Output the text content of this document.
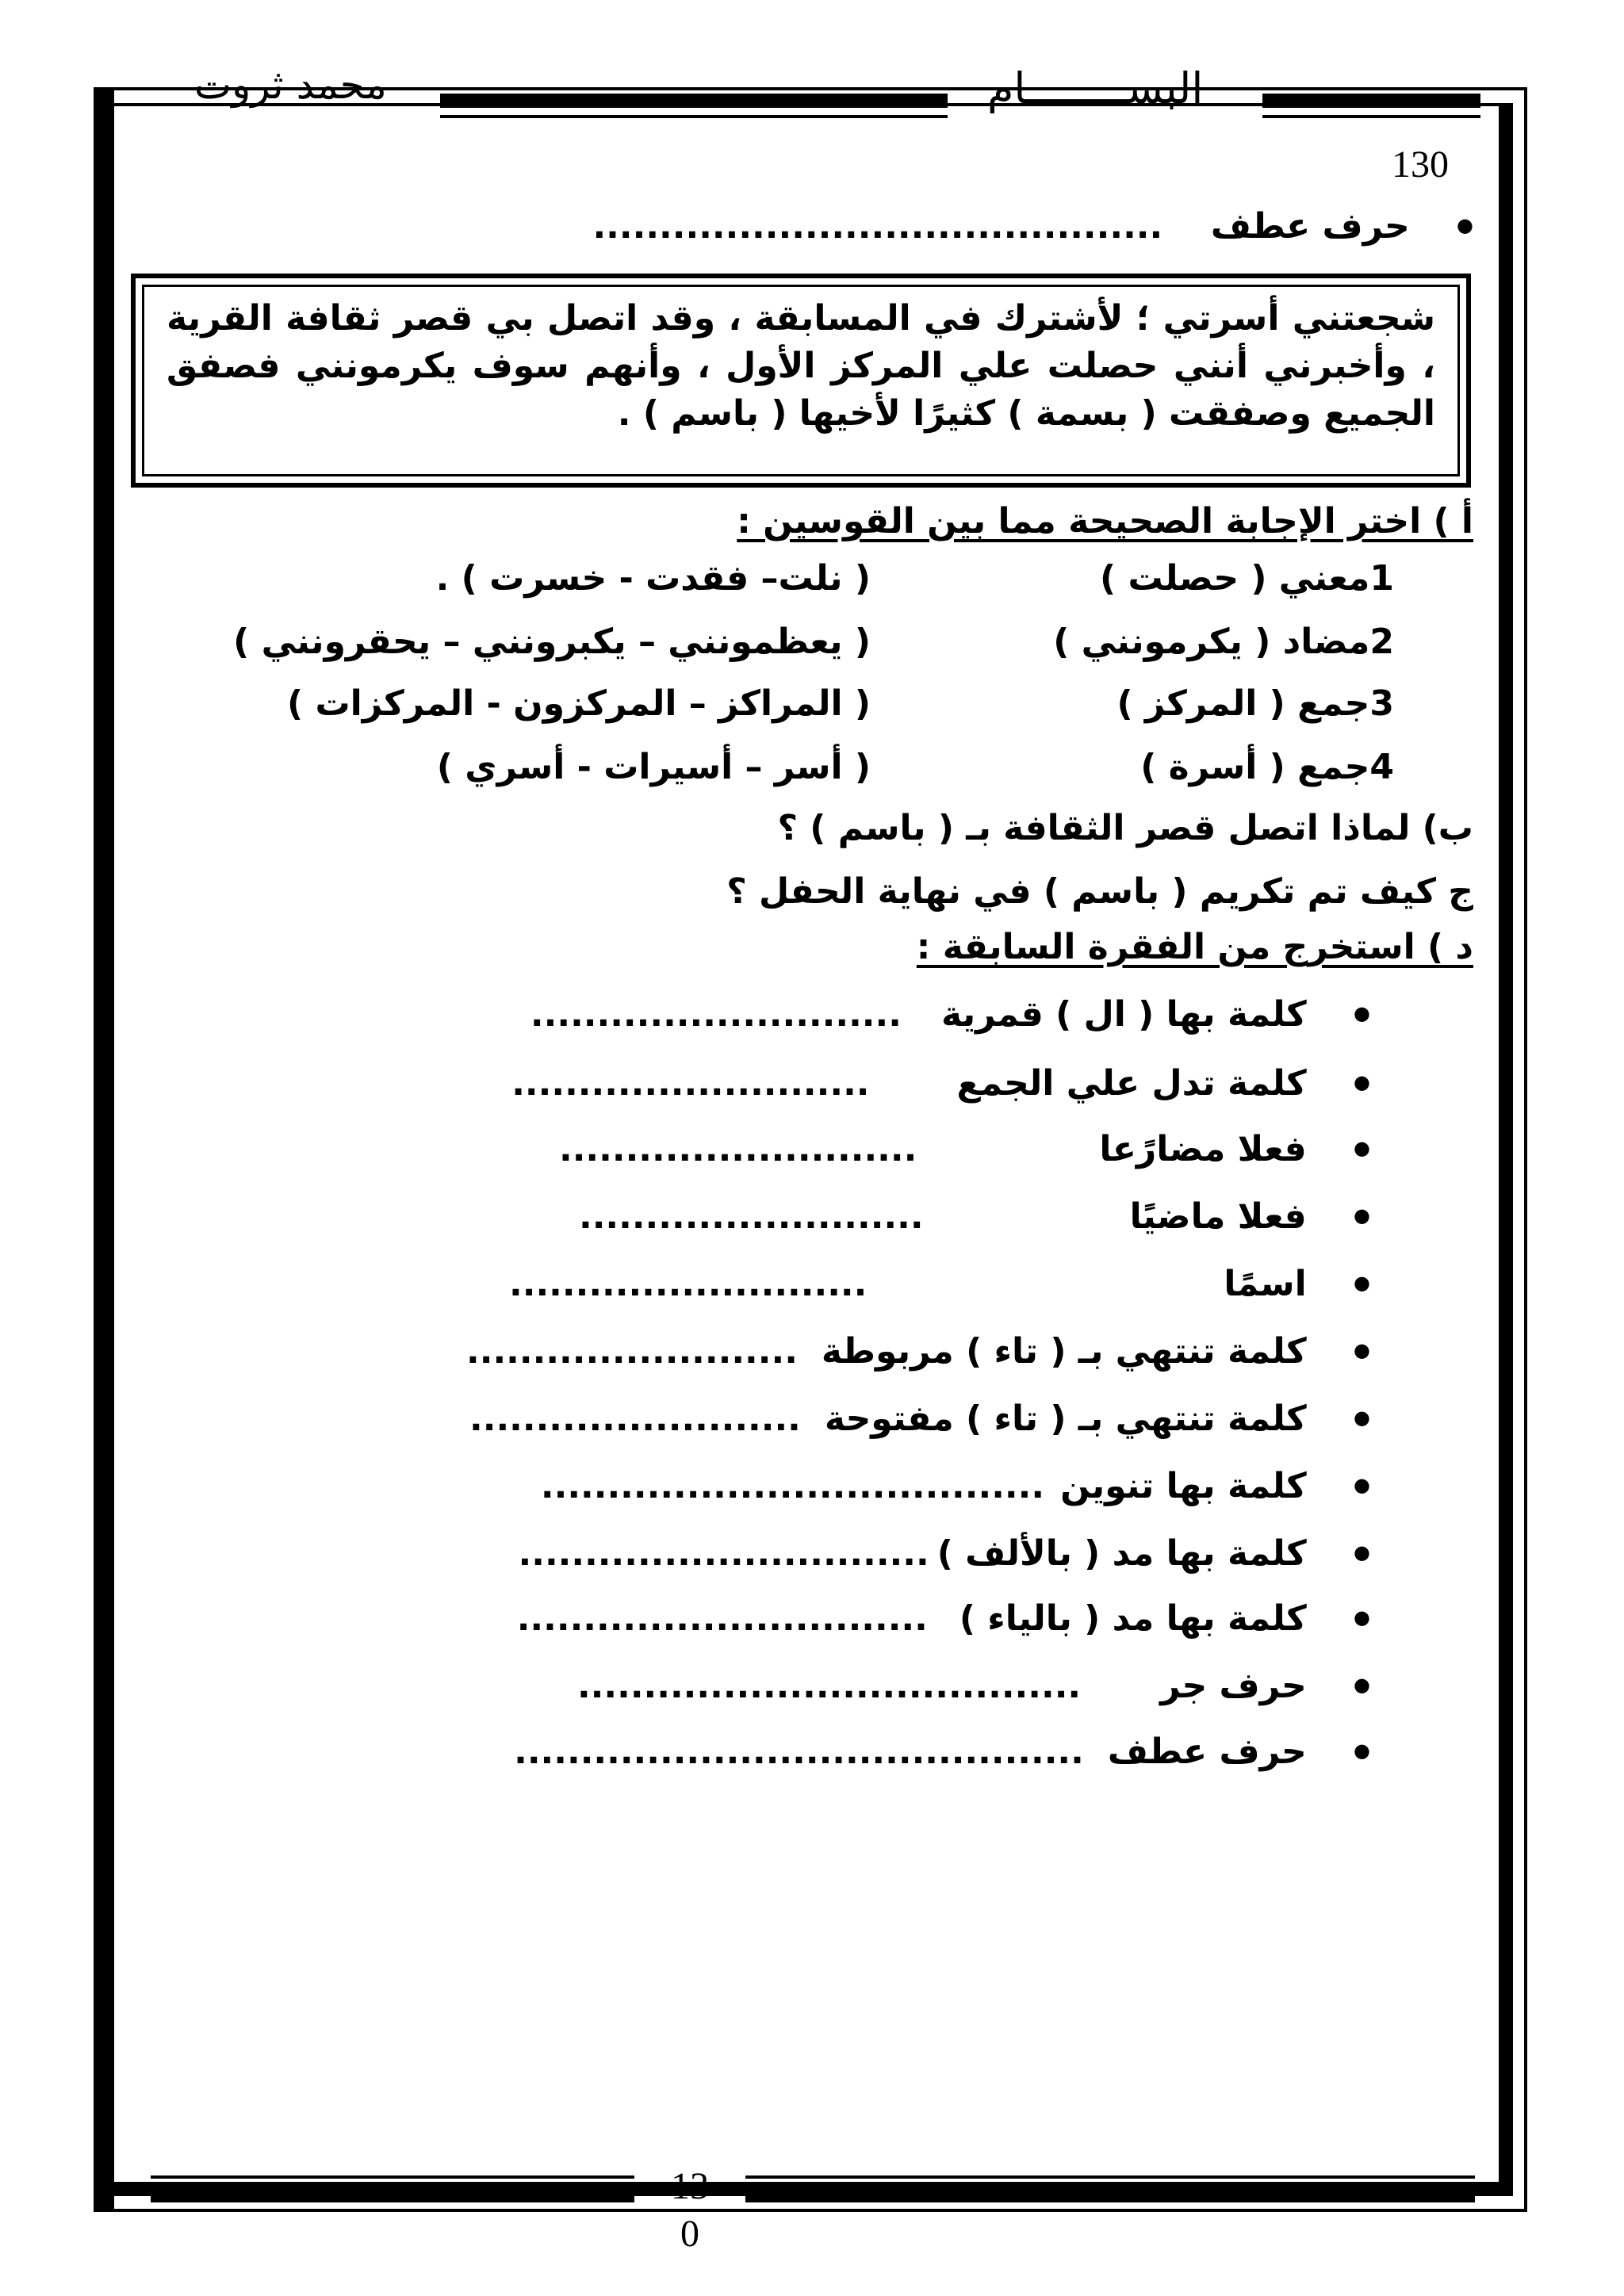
محمد ثروت	البســــــــام
130
● حرف عطف  ...........................................
شجعتني أسرتي ؛ لأشترك في المسابقة ، وقد اتصل بي قصر ثقافة القرية ، وأخبرني أنني حصلت علي المركز الأول ، وأنهم سوف يكرمونني فصفق الجميع وصفقت ( بسمة ) كثيرًا لأخيها ( باسم ) .
أ ) اختر الإجابة الصحيحة مما بين القوسين :
1معني ( حصلت )
( نلت– فقدت - خسرت ) .
2مضاد ( يكرمونني )
( يعظمونني – يكبرونني – يحقرونني )
3جمع ( المركز )
( المراكز – المركزون - المركزات )
4جمع ( أسرة )
( أسر – أسيرات - أسري )
ب) لماذا اتصل قصر الثقافة بـ ( باسم ) ؟
ج كيف تم تكريم ( باسم ) في نهاية الحفل ؟
د ) استخرج من الفقرة السابقة :
● كلمة بها ( ال ) قمرية............................
● كلمة تدل علي الجمع...........................
● فعلا مضارًعا...........................
● فعلا ماضيًا..........................
● اسمًا...........................
● كلمة تنتهي بـ ( تاء ) مربوطة.........................
● كلمة تنتهي بـ ( تاء ) مفتوحة.........................
● كلمة بها تنوين......................................
● كلمة بها مد ( بالألف )...............................
● كلمة بها مد ( بالياء )...............................
● حرف جر......................................
● حرف عطف...........................................
13
0
